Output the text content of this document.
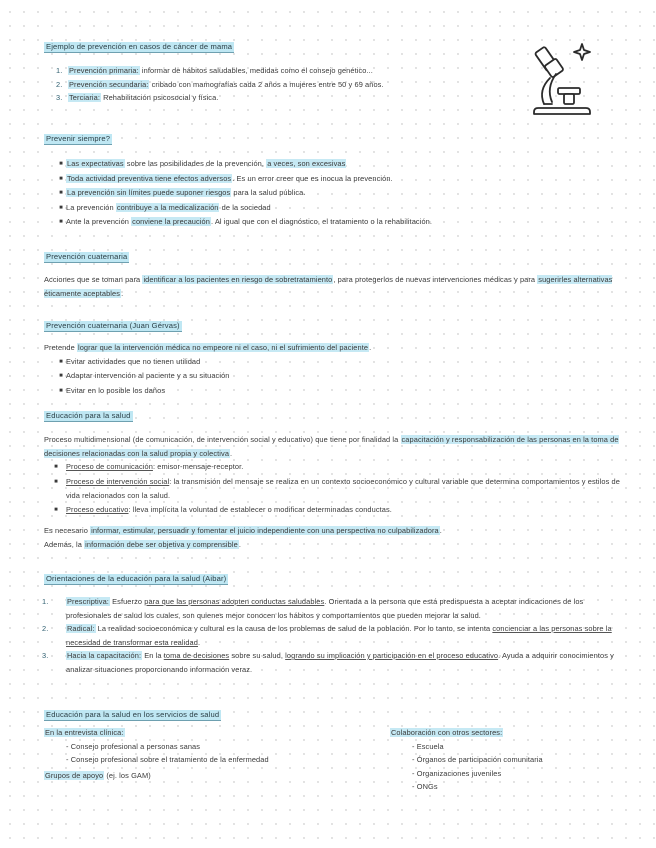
Ejemplo de prevención en casos de cáncer de mama
1. Prevención primaria: informar de hábitos saludables, medidas como el consejo genético...
2. Prevención secundaria: cribado con mamografías cada 2 años a mujeres entre 50 y 69 años.
3. Terciaria: Rehabilitación psicosocial y física.
Prevenir siempre?
■ Las expectativas sobre las posibilidades de la prevención, a veces, son excesivas
■ Toda actividad preventiva tiene efectos adversos. Es un error creer que es inocua la prevención.
■ La prevención sin límites puede suponer riesgos para la salud pública.
■ La prevención contribuye a la medicalización de la sociedad
■ Ante la prevención conviene la precaución. Al igual que con el diagnóstico, el tratamiento o la rehabilitación.
Prevención cuaternaria

Acciones que se toman para identificar a los pacientes en riesgo de sobretratamiento, para protegerlos de nuevas intervenciones médicas y para sugerirles alternativas éticamente aceptables.

Prevención cuaternaria (Juan Gérvas)

Pretende lograr que la intervención médica no empeore ni el caso, ni el sufrimiento del paciente.

■ Evitar actividades que no tienen utilidad
■ Adaptar intervención al paciente y a su situación
■ Evitar en lo posible los daños
Educación para la salud

Proceso multidimensional (de comunicación, de intervención social y educativo) que tiene por finalidad la capacitación y responsabilización de las personas en la toma de decisiones relacionadas con la salud propia y colectiva.

■ Proceso de comunicación: emisor-mensaje-receptor.
■ Proceso de intervención social: la transmisión del mensaje se realiza en un contexto socioeconómico y cultural variable que determina comportamientos y estilos de vida relacionados con la salud.
■ Proceso educativo: lleva implícita la voluntad de establecer o modificar determinadas conductas.

Es necesario informar, estimular, persuadir y fomentar el juicio independiente con una perspectiva no culpabilizadora.

Además, la información debe ser objetiva y comprensible.

Orientaciones de la educación para la salud (Aibar)
1.	Prescriptiva: Esfuerzo para que las personas adopten conductas saludables. Orientada a la persona que está predispuesta a aceptar indicaciones de los profesionales de salud los cuales, son quienes mejor conocen los hábitos y comportamientos que pueden mejorar la salud.
2.	Radical: La realidad socioeconómica y cultural es la causa de los problemas de salud de la población. Por lo tanto, se intenta concienciar a las personas sobre la necesidad de transformar esta realidad.
3.	Hacia la capacitación: En la toma de decisiones sobre su salud, logrando su implicación y participación en el proceso educativo. Ayuda a adquirir conocimientos y analizar situaciones proporcionando información veraz.
Educación para la salud en los servicios de salud
En la entrevista clínica:
- Consejo profesional a personas sanas
- Consejo profesional sobre el tratamiento de la enfermedad
Grupos de apoyo (ej. los GAM)
Colaboración con otros sectores:
- Escuela
- Órganos de participación comunitaria
- Organizaciones juveniles
- ONGs
